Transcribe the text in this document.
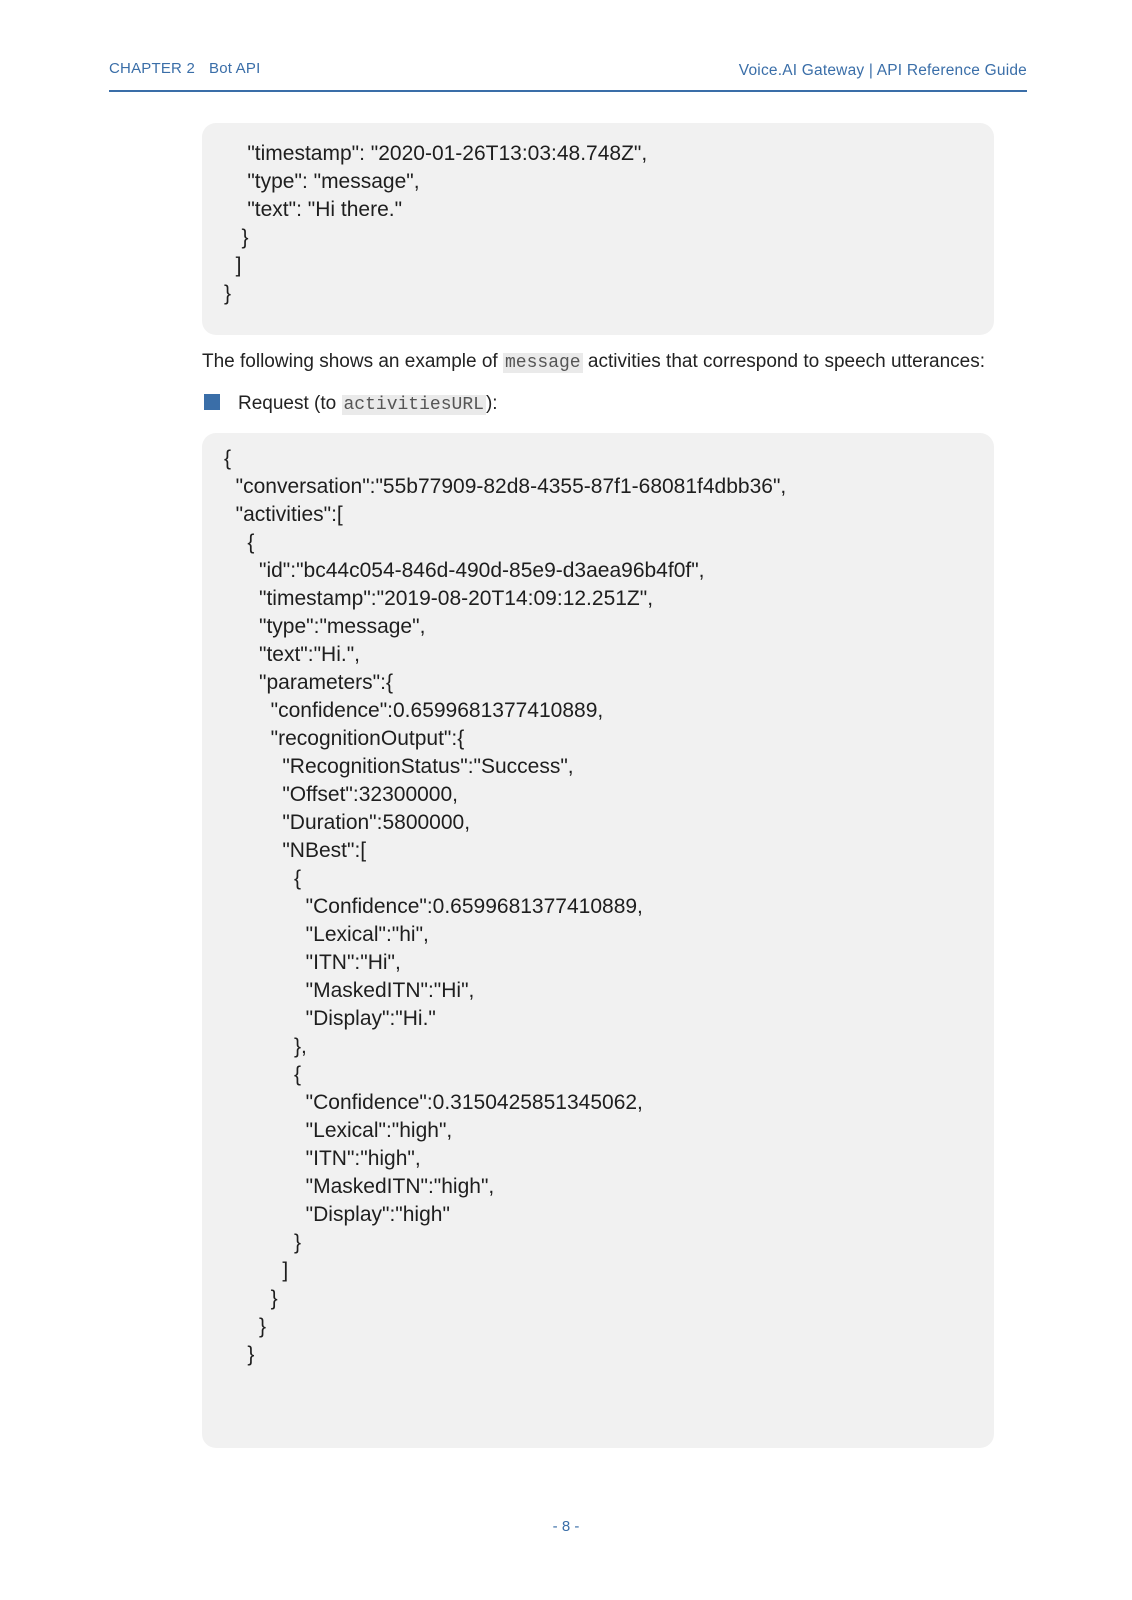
CHAPTER 2 Bot API	Voice.AI Gateway | API Reference Guide
"timestamp": "2020-01-26T13:03:48.748Z",
"type": "message",
"text": "Hi there."
}
]
}
The following shows an example of message activities that correspond to speech utterances:
Request (to activitiesURL ):
{
"conversation":"55b77909-82d8-4355-87f1-68081f4dbb36",
"activities":[
{
"id":"bc44c054-846d-490d-85e9-d3aea96b4f0f",
"timestamp":"2019-08-20T14:09:12.251Z",
"type":"message",
"text":"Hi.",
"parameters":{
"confidence":0.6599681377410889,
"recognitionOutput":{
"RecognitionStatus":"Success",
"Offset":32300000,
"Duration":5800000,
"NBest":[
{
"Confidence":0.6599681377410889,
"Lexical":"hi",
"ITN":"Hi",
"MaskedITN":"Hi",
"Display":"Hi."
},
{
"Confidence":0.3150425851345062,
"Lexical":"high",
"ITN":"high",
"MaskedITN":"high",
"Display":"high"
}
]
}
}
}
- 8 -
